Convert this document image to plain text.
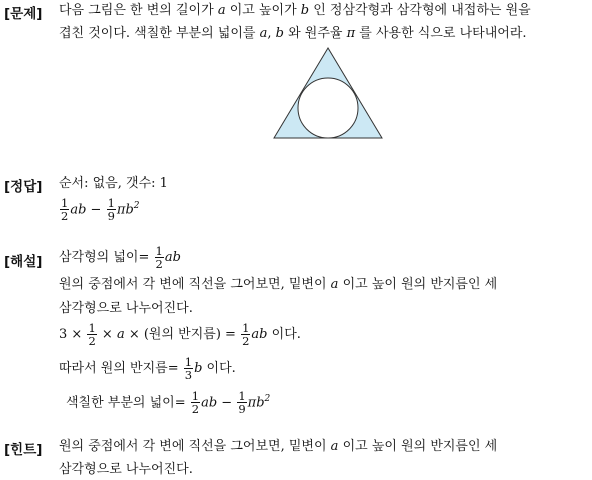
[문제] 다음 그림은 한 변의 길이가 a 이고 높이가 b 인 정삼각형과 삼각형에 내접하는 원을
겹친 것이다. 색칠한 부분의 넓이를 a, b 와 원주율 π 를 사용한 식으로 나타내어라.
[정답] 순서: 없음, 갯수: 1
$\frac{1}{2}$ ab − $\frac{1}{9} \pi b^2$
[해설] 삼각형의 넓이= $\frac{1}{2}$ ab
원의 중점에서 각 변에 직선을 그어보면, 밑변이 a 이고 높이 원의 반지름인 세
삼각형으로 나누어진다.
$3 \times \frac{1}{2} \times a$ × (원의 반지름) = $\frac{1}{2}$ ab 이다.
따라서 원의 반지름= $\frac{1}{3}$ b 이다.
색칠한 부분의 넓이= $\frac{1}{2}$ ab − $\frac{1}{9} \pi b^2$
[힌트] 원의 중점에서 각 변에 직선을 그어보면, 밑변이 a 이고 높이 원의 반지름인 세
삼각형으로 나누어진다.
